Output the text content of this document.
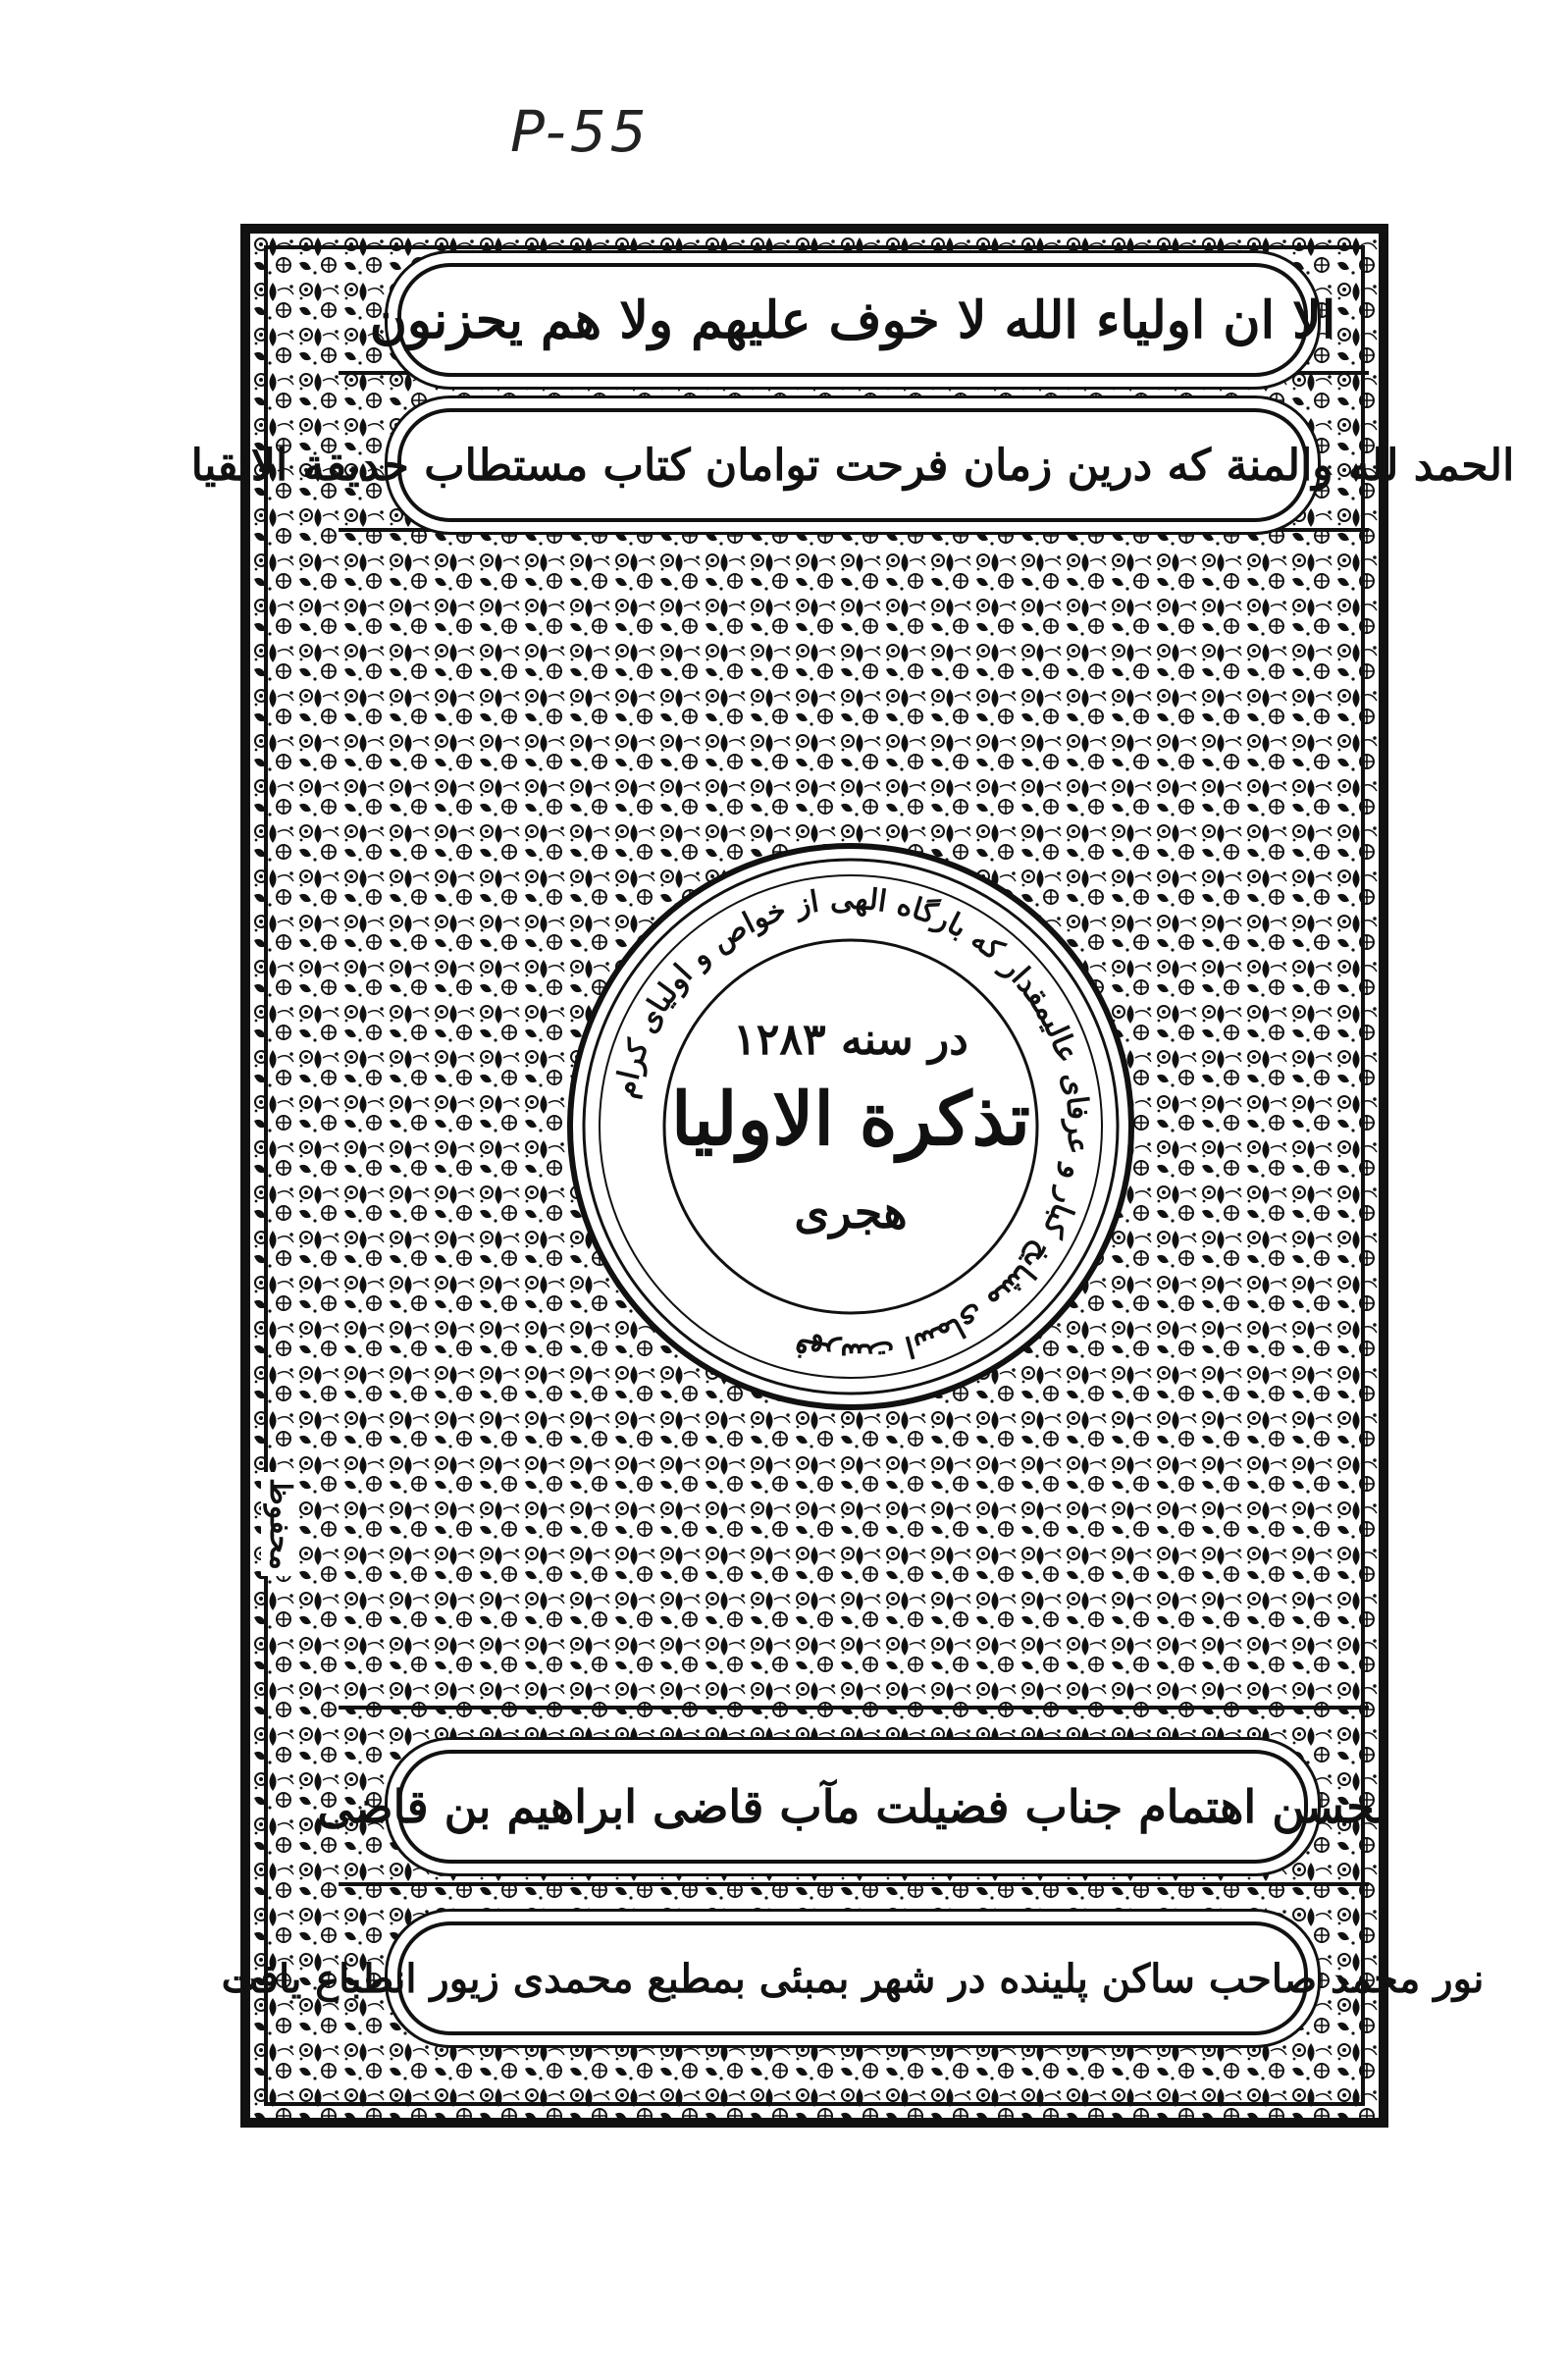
P-55
الا ان اولیاء الله لا خوف علیهم ولا هم یحزنون
الحمد لله والمنة که درین زمان فرحت توامان کتاب مستطاب حدیقة الاتقیا
فهرست اسمای مشایخ کبار و عرفای عالیمقدار که بارگاه الهی از خواص و اولیای کرام
در سنه ١٢٨٣
تذکرة الاولیا
هجری
بحسن اهتمام جناب فضیلت مآب قاضی ابراهیم بن قاضی
نور محمد صاحب ساکن پلینده در شهر بمبئی بمطبع محمدی زیور انطباع یافت
محفوظ
